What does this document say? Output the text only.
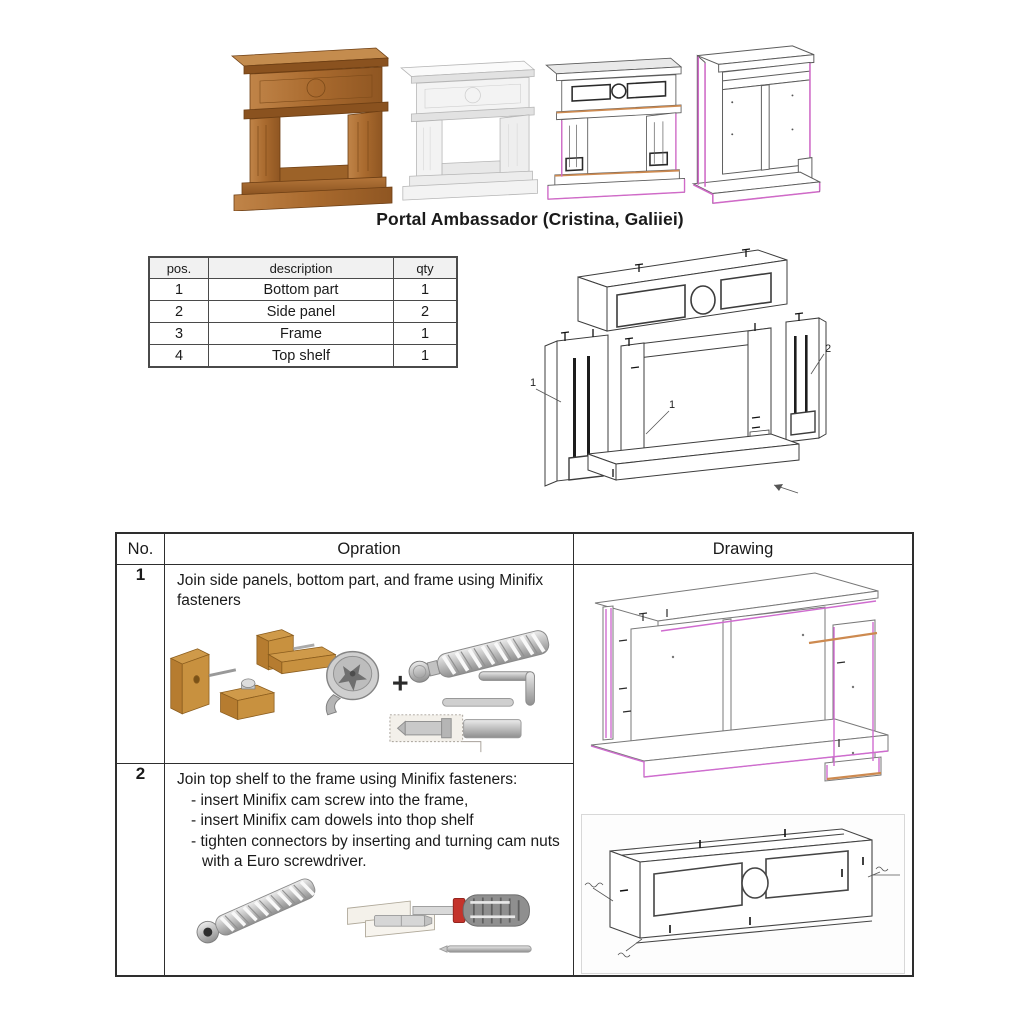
Portal Ambassador (Cristina, Galiiei)
pos.	description	qty
1	Bottom part	1
2	Side panel	2
3	Frame	1
4	Top shelf	1
1
1
2
No.	Opration	Drawing
1	Join side panels, bottom part, and frame using Minifix fasteners
+

2	Join top shelf to the frame using Minifix fasteners:
- insert Minifix cam screw into the frame,
- insert Minifix cam dowels into thop shelf
- tighten connectors by inserting and turning cam nuts with a Euro screwdriver.	
